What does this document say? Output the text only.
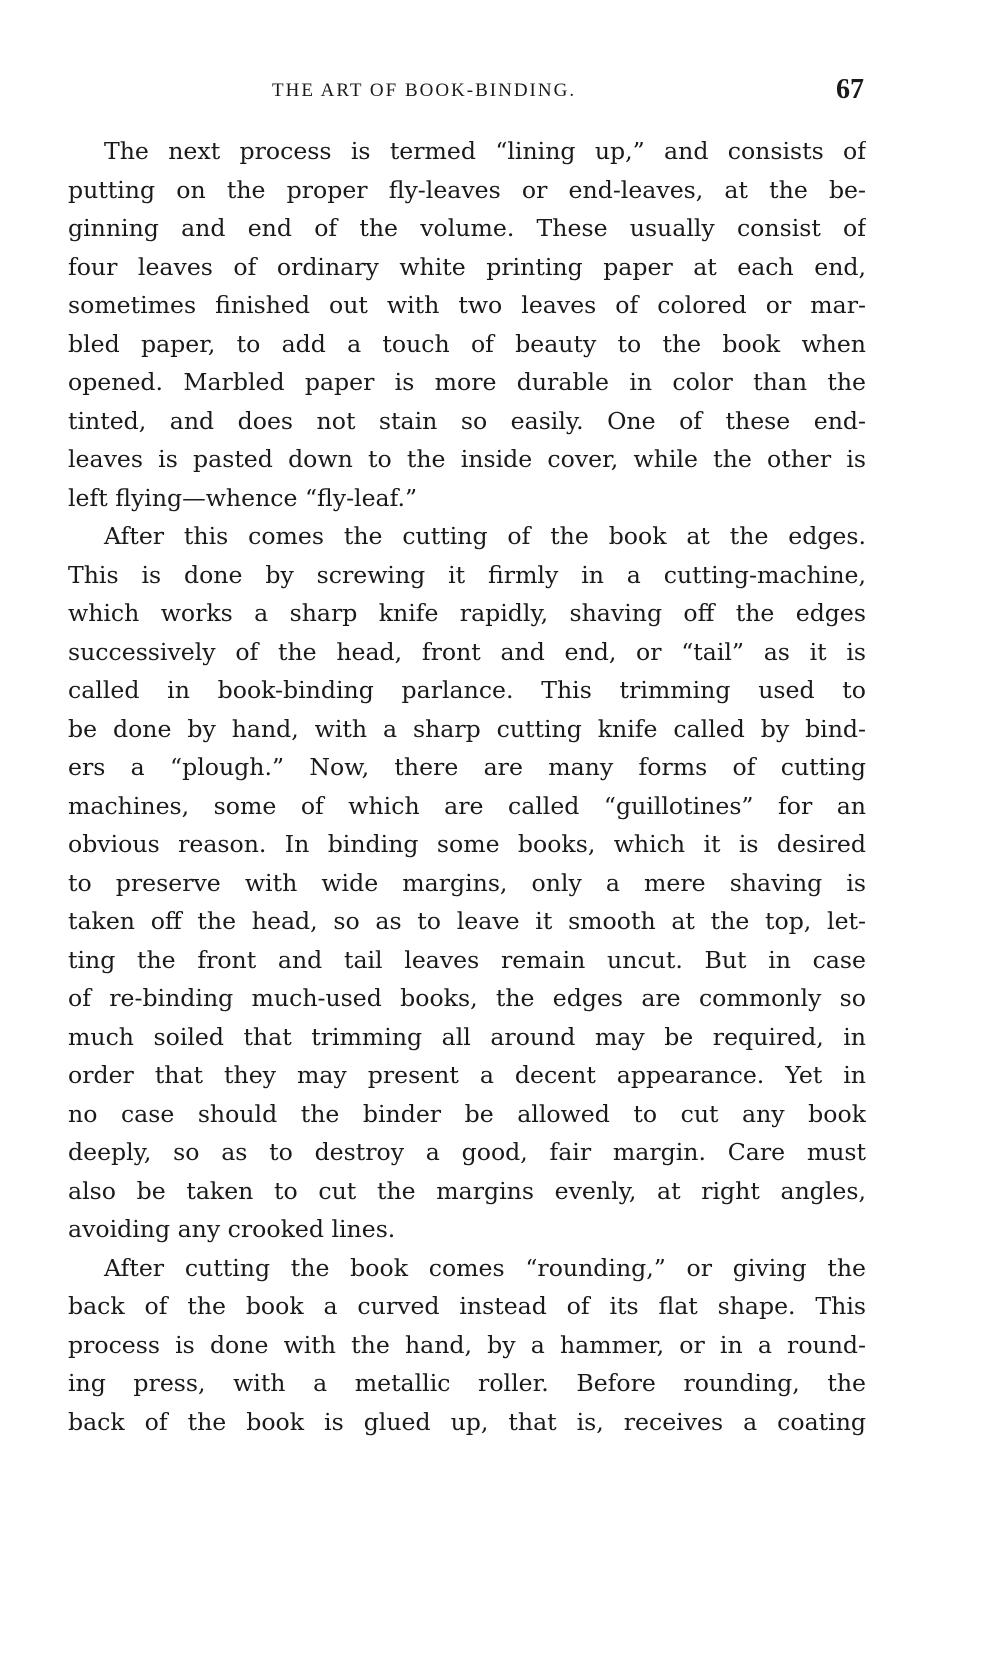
THE ART OF BOOK-BINDING.	67
The next process is termed “lining up,” and consists of
putting on the proper fly-leaves or end-leaves, at the be-
ginning and end of the volume. These usually consist of
four leaves of ordinary white printing paper at each end,
sometimes finished out with two leaves of colored or mar-
bled paper, to add a touch of beauty to the book when
opened. Marbled paper is more durable in color than the
tinted, and does not stain so easily. One of these end-
leaves is pasted down to the inside cover, while the other is
left flying—whence “fly-leaf.”
After this comes the cutting of the book at the edges.
This is done by screwing it firmly in a cutting-machine,
which works a sharp knife rapidly, shaving off the edges
successively of the head, front and end, or “tail” as it is
called in book-binding parlance. This trimming used to
be done by hand, with a sharp cutting knife called by bind-
ers a “plough.” Now, there are many forms of cutting
machines, some of which are called “guillotines” for an
obvious reason. In binding some books, which it is desired
to preserve with wide margins, only a mere shaving is
taken off the head, so as to leave it smooth at the top, let-
ting the front and tail leaves remain uncut. But in case
of re-binding much-used books, the edges are commonly so
much soiled that trimming all around may be required, in
order that they may present a decent appearance. Yet in
no case should the binder be allowed to cut any book
deeply, so as to destroy a good, fair margin. Care must
also be taken to cut the margins evenly, at right angles,
avoiding any crooked lines.
After cutting the book comes “rounding,” or giving the
back of the book a curved instead of its flat shape. This
process is done with the hand, by a hammer, or in a round-
ing press, with a metallic roller. Before rounding, the
back of the book is glued up, that is, receives a coating
